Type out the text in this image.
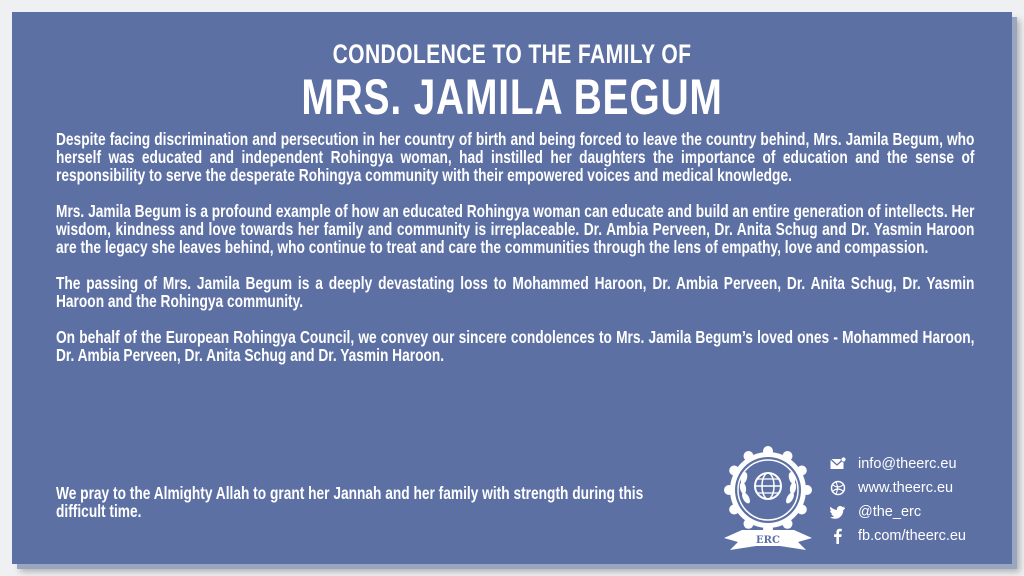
CONDOLENCE TO THE FAMILY OF
MRS. JAMILA BEGUM

Despite facing discrimination and persecution in her country of birth and being forced to leave the country behind, Mrs. Jamila Begum, who herself was educated and independent Rohingya woman, had instilled her daughters the importance of education and the sense of responsibility to serve the desperate Rohingya community with their empowered voices and medical knowledge.

Mrs. Jamila Begum is a profound example of how an educated Rohingya woman can educate and build an entire generation of intellects. Her wisdom, kindness and love towards her family and community is irreplaceable. Dr. Ambia Perveen, Dr. Anita Schug and Dr. Yasmin Haroon are the legacy she leaves behind, who continue to treat and care the communities through the lens of empathy, love and compassion.

The passing of Mrs. Jamila Begum is a deeply devastating loss to Mohammed Haroon, Dr. Ambia Perveen, Dr. Anita Schug, Dr. Yasmin Haroon and the Rohingya community.

On behalf of the European Rohingya Council, we convey our sincere condolences to Mrs. Jamila Begum’s loved ones - Mohammed Haroon, Dr. Ambia Perveen, Dr. Anita Schug and Dr. Yasmin Haroon.

We pray to the Almighty Allah to grant her Jannah and her family with strength during this difficult time.

ERC
info@theerc.eu
www.theerc.eu
@the_erc
fb.com/theerc.eu
